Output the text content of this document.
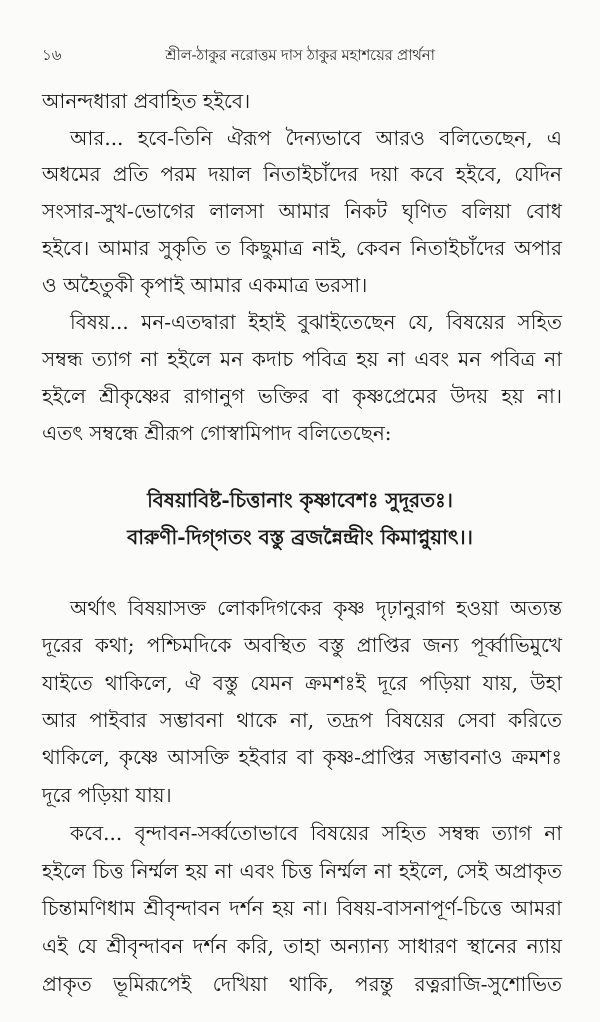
১৬	শ্রীল-ঠাকুর নরোত্তম দাস ঠাকুর মহাশয়ের প্রার্থনা
আনন্দধারা প্রবাহিত হইবে।
আর... হবে-তিনি ঐরূপ দৈন্যভাবে আরও বলিতেছেন, এ
অধমের প্রতি পরম দয়াল নিতাইচাঁদের দয়া কবে হইবে, যেদিন
সংসার-সুখ-ভোগের লালসা আমার নিকট ঘৃণিত বলিয়া বোধ
হইবে। আমার সুকৃতি ত কিছুমাত্র নাই, কেবন নিতাইচাঁদের অপার
ও অহৈতুকী কৃপাই আমার একমাত্র ভরসা।
বিষয়... মন-এতদ্বারা ইহাই বুঝাইতেছেন যে, বিষয়ের সহিত
সম্বন্ধ ত্যাগ না হইলে মন কদাচ পবিত্র হয় না এবং মন পবিত্র না
হইলে শ্রীকৃষ্ণের রাগানুগ ভক্তির বা কৃষ্ণপ্রেমের উদয় হয় না।
এতৎ সম্বন্ধে শ্রীরূপ গোস্বামিপাদ বলিতেছেন:
বিষয়াবিষ্ট-চিত্তানাং কৃষ্ণাবেশঃ সুদূরতঃ।
বারুণী-দিগ্‌গতং বস্তু ব্রজন্নৈন্দ্রীং কিমাপ্নুয়াৎ।।
অর্থাৎ বিষয়াসক্ত লোকদিগকের কৃষ্ণ দৃঢ়ানুরাগ হওয়া অত্যন্ত
দূরের কথা; পশ্চিমদিকে অবস্থিত বস্তু প্রাপ্তির জন্য পূর্ব্বাভিমুখে
যাইতে থাকিলে, ঐ বস্তু যেমন ক্রমশঃই দূরে পড়িয়া যায়, উহা
আর পাইবার সম্ভাবনা থাকে না, তদ্রূপ বিষয়ের সেবা করিতে
থাকিলে, কৃষ্ণে আসক্তি হইবার বা কৃষ্ণ-প্রাপ্তির সম্ভাবনাও ক্রমশঃ
দূরে পড়িয়া যায়।
কবে... বৃন্দাবন-সর্ব্বতোভাবে বিষয়ের সহিত সম্বন্ধ ত্যাগ না
হইলে চিত্ত নির্ম্মল হয় না এবং চিত্ত নির্ম্মল না হইলে, সেই অপ্রাকৃত
চিন্তামণিধাম শ্রীবৃন্দাবন দর্শন হয় না। বিষয়-বাসনাপূর্ণ-চিত্তে আমরা
এই যে শ্রীবৃন্দাবন দর্শন করি, তাহা অন্যান্য সাধারণ স্থানের ন্যায়
প্রাকৃত ভূমিরূপেই দেখিয়া থাকি, পরন্তু রত্নরাজি-সুশোভিত
